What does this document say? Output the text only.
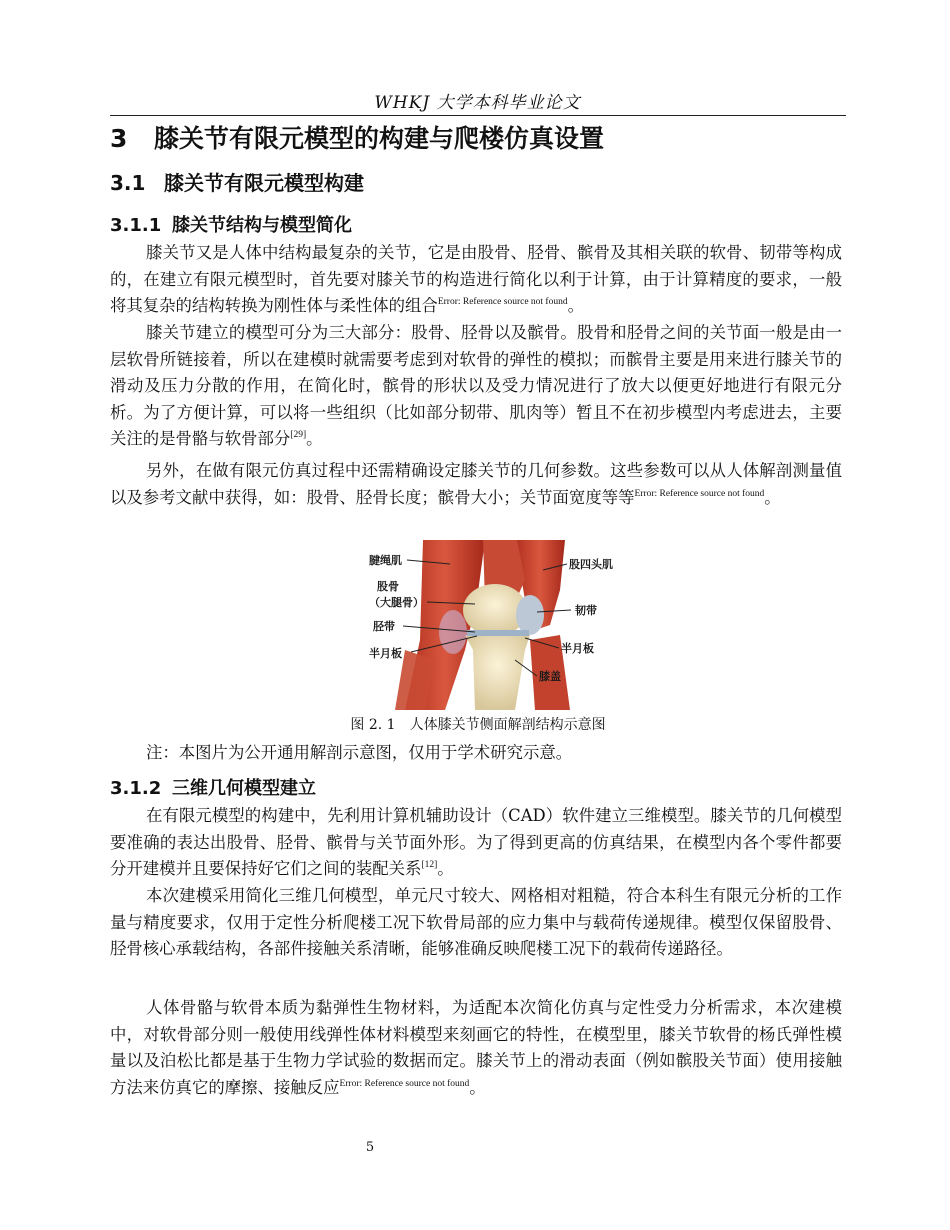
WHKJ 大学本科毕业论文
3 膝关节有限元模型的构建与爬楼仿真设置
3.1 膝关节有限元模型构建
3.1.1 膝关节结构与模型简化
膝关节又是人体中结构最复杂的关节，它是由股骨、胫骨、髌骨及其相关联的软骨、韧带等构成的，在建立有限元模型时，首先要对膝关节的构造进行简化以利于计算，由于计算精度的要求，一般将其复杂的结构转换为刚性体与柔性体的组合$^{Error: Reference source not found}$。
膝关节建立的模型可分为三大部分：股骨、胫骨以及髌骨。股骨和胫骨之间的关节面一般是由一层软骨所链接着，所以在建模时就需要考虑到对软骨的弹性的模拟；而髌骨主要是用来进行膝关节的滑动及压力分散的作用，在简化时，髌骨的形状以及受力情况进行了放大以便更好地进行有限元分析。为了方便计算，可以将一些组织（比如部分韧带、肌肉等）暂且不在初步模型内考虑进去，主要关注的是骨骼与软骨部分[29]。
另外，在做有限元仿真过程中还需精确设定膝关节的几何参数。这些参数可以从人体解剖测量值以及参考文献中获得，如：股骨、胫骨长度；髌骨大小；关节面宽度等等$^{Error: Reference source not found}$。
腱绳肌
股骨
（大腿骨）
胫带
半月板
股四头肌
韧带
半月板
膝盖
图 2. 1　人体膝关节侧面解剖结构示意图
注：本图片为公开通用解剖示意图，仅用于学术研究示意。
3.1.2 三维几何模型建立
在有限元模型的构建中，先利用计算机辅助设计（CAD）软件建立三维模型。膝关节的几何模型要准确的表达出股骨、胫骨、髌骨与关节面外形。为了得到更高的仿真结果，在模型内各个零件都要分开建模并且要保持好它们之间的装配关系[12]。
本次建模采用简化三维几何模型，单元尺寸较大、网格相对粗糙，符合本科生有限元分析的工作量与精度要求，仅用于定性分析爬楼工况下软骨局部的应力集中与载荷传递规律。模型仅保留股骨、胫骨核心承载结构，各部件接触关系清晰，能够准确反映爬楼工况下的载荷传递路径。
人体骨骼与软骨本质为黏弹性生物材料，为适配本次简化仿真与定性受力分析需求，本次建模中，对软骨部分则一般使用线弹性体材料模型来刻画它的特性，在模型里，膝关节软骨的杨氏弹性模量以及泊松比都是基于生物力学试验的数据而定。膝关节上的滑动表面（例如髌股关节面）使用接触方法来仿真它的摩擦、接触反应$^{Error: Reference source not found}$。
5
